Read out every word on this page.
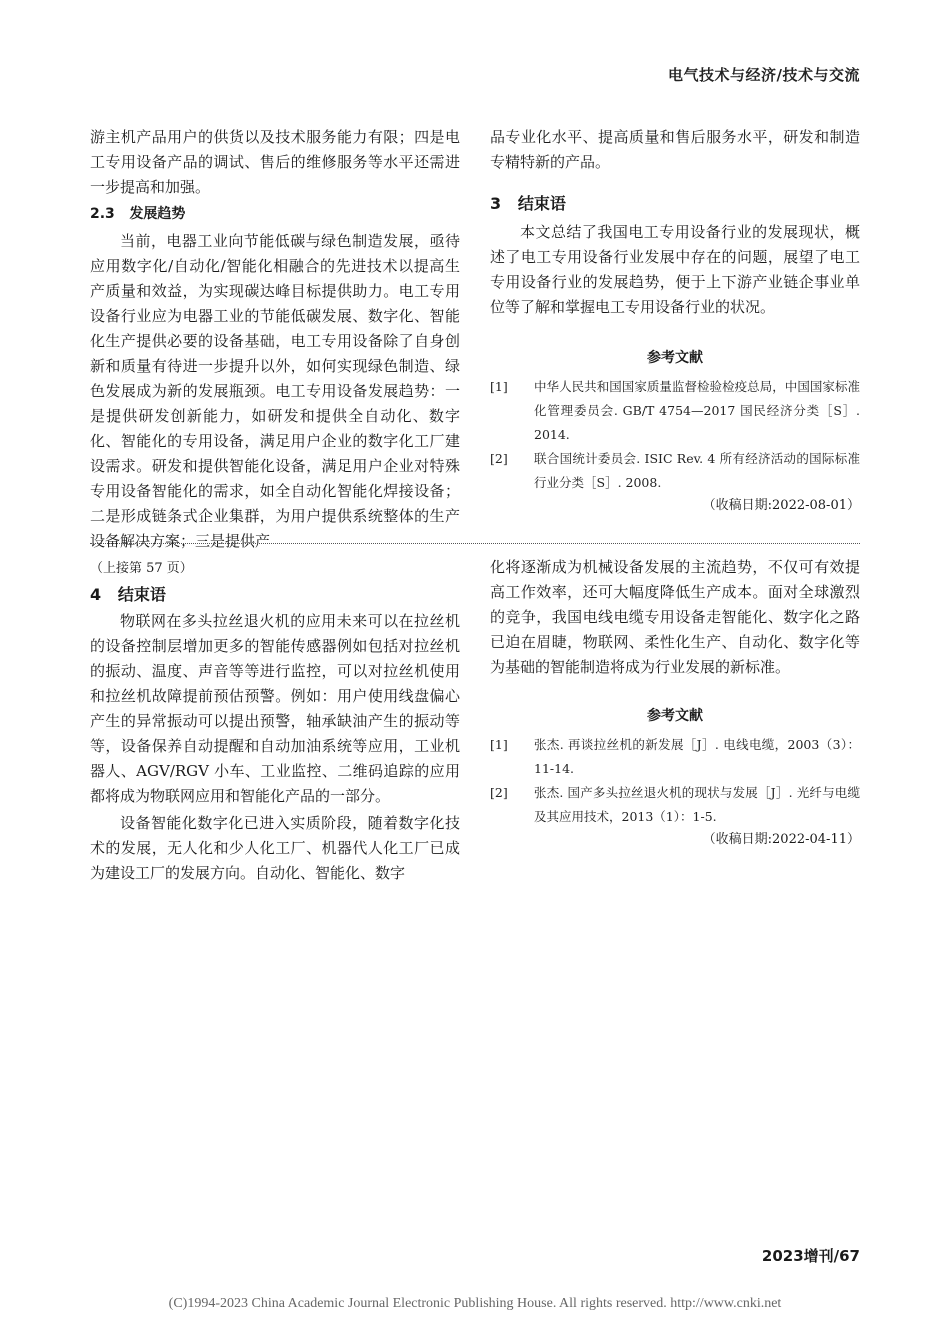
电气技术与经济/技术与交流

游主机产品用户的供货以及技术服务能力有限；四是电工专用设备产品的调试、售后的维修服务等水平还需进一步提高和加强。

2.3 发展趋势

当前，电器工业向节能低碳与绿色制造发展，亟待应用数字化/自动化/智能化相融合的先进技术以提高生产质量和效益，为实现碳达峰目标提供助力。电工专用设备行业应为电器工业的节能低碳发展、数字化、智能化生产提供必要的设备基础，电工专用设备除了自身创新和质量有待进一步提升以外，如何实现绿色制造、绿色发展成为新的发展瓶颈。电工专用设备发展趋势：一是提供研发创新能力，如研发和提供全自动化、数字化、智能化的专用设备，满足用户企业的数字化工厂建设需求。研发和提供智能化设备，满足用户企业对特殊专用设备智能化的需求，如全自动化智能化焊接设备；二是形成链条式企业集群，为用户提供系统整体的生产设备解决方案；三是提供产

品专业化水平、提高质量和售后服务水平，研发和制造专精特新的产品。

3 结束语

本文总结了我国电工专用设备行业的发展现状，概述了电工专用设备行业发展中存在的问题，展望了电工专用设备行业的发展趋势，便于上下游产业链企事业单位等了解和掌握电工专用设备行业的状况。

参考文献
[1]	中华人民共和国国家质量监督检验检疫总局，中国国家标准化管理委员会. GB/T 4754—2017 国民经济分类［S］. 2014.
[2]	联合国统计委员会. ISIC Rev. 4 所有经济活动的国际标准行业分类［S］. 2008.
（收稿日期:2022-08-01）
（上接第 57 页）
4 结束语

物联网在多头拉丝退火机的应用未来可以在拉丝机的设备控制层增加更多的智能传感器例如包括对拉丝机的振动、温度、声音等等进行监控，可以对拉丝机使用和拉丝机故障提前预估预警。例如：用户使用线盘偏心产生的异常振动可以提出预警，轴承缺油产生的振动等等，设备保养自动提醒和自动加油系统等应用，工业机器人、AGV/RGV 小车、工业监控、二维码追踪的应用都将成为物联网应用和智能化产品的一部分。

设备智能化数字化已进入实质阶段，随着数字化技术的发展，无人化和少人化工厂、机器代人化工厂已成为建设工厂的发展方向。自动化、智能化、数字

化将逐渐成为机械设备发展的主流趋势，不仅可有效提高工作效率，还可大幅度降低生产成本。面对全球激烈的竞争，我国电线电缆专用设备走智能化、数字化之路已迫在眉睫，物联网、柔性化生产、自动化、数字化等为基础的智能制造将成为行业发展的新标准。

参考文献
[1]	张杰. 再谈拉丝机的新发展［J］. 电线电缆，2003（3）：11-14.
[2]	张杰. 国产多头拉丝退火机的现状与发展［J］. 光纤与电缆及其应用技术，2013（1）：1-5.
（收稿日期:2022-04-11）
2023增刊/67
(C)1994-2023 China Academic Journal Electronic Publishing House. All rights reserved. http://www.cnki.net
